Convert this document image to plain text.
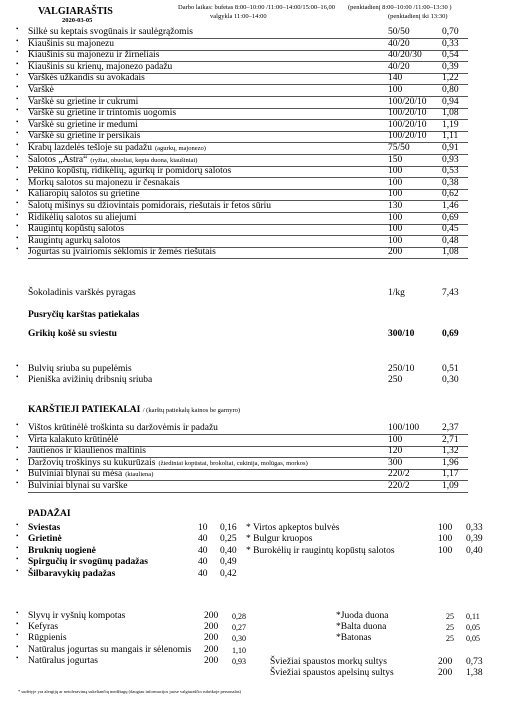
VALGIARAŠTIS
2020-03-05
Darbo laikas: bufetas 8:00–10:00 /11:00–14:00/15:00–16,00
valgykla 11:00–14:00
(penktadienį 8:00–10:00 /11:00–13:30 )
(penktadienį iki 13:30)
• Silkė su keptais svogūnais ir saulėgrąžomis	50/50	0,70
• Kiaušinis su majonezu	40/20	0,33
• Kiaušinis su majonezu ir žirneliais	40/20/30 0,54
• Kiaušinis su krienų, majonezo padažu	40/20	0,39
• Varškės užkandis su avokadais	140	1,22
• Varškė	100	0,80
• Varškė su grietine ir cukrumi	100/20/10 0,94
• Varškė su grietine ir trintomis uogomis	100/20/10 1,08
• Varškė su grietine ir medumi	100/20/10 1,19
• Varškė su grietine ir persikais	100/20/10 1,11
• Krabų lazdelės tešloje su padažu (agurkų, majonezo)	75/50	0,91
• Salotos „Astra“ (ryžiai, obuoliai, kepta duona, kiaušiniai)	150	0,93
• Pekino kopūstų, ridikėlių, agurkų ir pomidorų salotos	100	0,53
• Morkų salotos su majonezu ir česnakais	100	0,38
• Kaliaropių salotos su grietine	100	0,62
• Salotų mišinys su džiovintais pomidorais, riešutais ir fetos sūriu	130	1,46
• Ridikėlių salotos su aliejumi	100	0,69
• Raugintų kopūstų salotos	100	0,45
• Raugintų agurkų salotos	100	0,48
• Jogurtas su įvairiomis sėklomis ir žemės riešutais	200	1,08
Šokoladinis varškės pyragas	1/kg	7,43
Pusryčių karštas patiekalas
Grikių košė su sviestu	300/10	0,69
• Bulvių sriuba su pupelėmis	250/10	0,51
• Pieniška avižinių dribsnių sriuba	250	0,30
KARŠTIEJI PATIEKALAI / (karštų patiekalų kainos be garnyro)
• Vištos krūtinėlė troškinta su daržovėmis ir padažu	100/100 2,37
• Virta kalakuto krūtinėlė	100	2,71
• Jautienos ir kiaulienos maltinis	120	1,32
• Daržovių troškinys su kukurūzais (žiediniai kopūstai, brokoliai, cukinija, molūgas, morkos)	300	1,96
• Bulviniai blynai su mėsa (kiauliena)	220/2	1,17
• Bulviniai blynai su varške	220/2	1,09
PADAŽAI
• Sviestas	10 0,16
• Grietinė	40 0,25
• Bruknių uogienė	40 0,40
• Spirgučių ir svogūnų padažas	40 0,49
• Šilbaravykių padažas	40 0,42
* Virtos apkeptos bulvės	100 0,33
* Bulgur kruopos	100 0,39
* Burokėlių ir raugintų kopūstų salotos	100 0,40
• Slyvų ir vyšnių kompotas	200 0,28
• Kefyras	200 0,27
• Rūgpienis	200 0,30
• Natūralus jogurtas su mangais ir sėlenomis 200 1,10
• Natūralus jogurtas	200 0,93
*Juoda duona	25 0,11
*Balta duona	25 0,05
*Batonas	25 0,05
Šviežiai spaustos morkų sultys	200 0,73
Šviežiai spaustos apelsinų sultys	200 1,38
* sudėtyje yra alergijų ar netoleravimą sukeliančių medžiagų (daugiau informacijos juose valgiaraščio rubrikoje personalas)
